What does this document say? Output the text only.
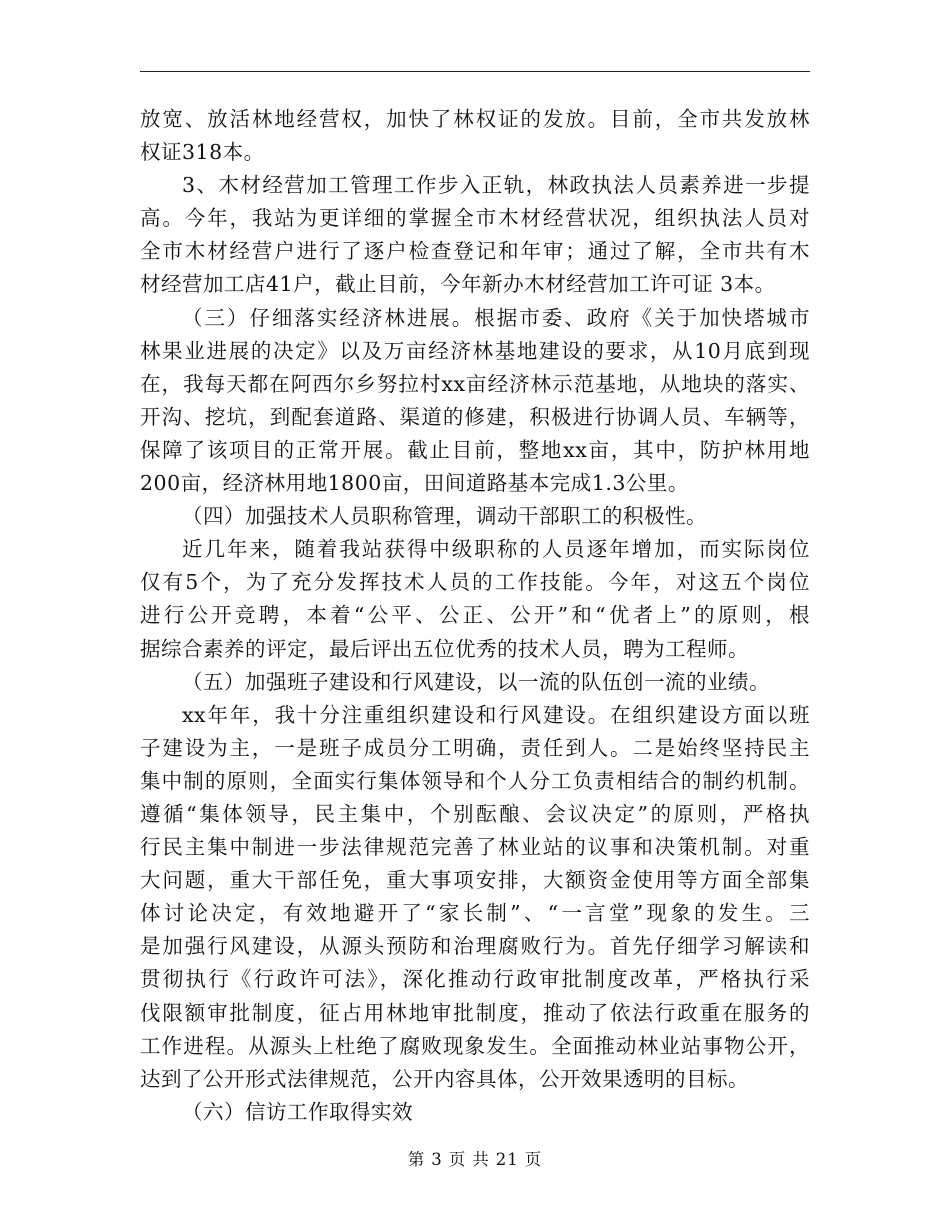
放宽、放活林地经营权，加快了林权证的发放。目前，全市共发放林
权证318本。
3、木材经营加工管理工作步入正轨，林政执法人员素养进一步提
高。今年，我站为更详细的掌握全市木材经营状况，组织执法人员对
全市木材经营户进行了逐户检查登记和年审；通过了解，全市共有木
材经营加工店41户，截止目前，今年新办木材经营加工许可证 3本。
（三）仔细落实经济林进展。根据市委、政府《关于加快塔城市
林果业进展的决定》以及万亩经济林基地建设的要求，从10月底到现
在，我每天都在阿西尔乡努拉村xx亩经济林示范基地，从地块的落实、
开沟、挖坑，到配套道路、渠道的修建，积极进行协调人员、车辆等，
保障了该项目的正常开展。截止目前，整地xx亩，其中，防护林用地
200亩，经济林用地1800亩，田间道路基本完成1.3公里。
（四）加强技术人员职称管理，调动干部职工的积极性。
近几年来，随着我站获得中级职称的人员逐年增加，而实际岗位
仅有5个，为了充分发挥技术人员的工作技能。今年，对这五个岗位
进行公开竞聘，本着“公平、公正、公开”和“优者上”的原则，根
据综合素养的评定，最后评出五位优秀的技术人员，聘为工程师。
（五）加强班子建设和行风建设，以一流的队伍创一流的业绩。
xx年年，我十分注重组织建设和行风建设。在组织建设方面以班
子建设为主，一是班子成员分工明确，责任到人。二是始终坚持民主
集中制的原则，全面实行集体领导和个人分工负责相结合的制约机制。
遵循“集体领导，民主集中，个别酝酿、会议决定”的原则，严格执
行民主集中制进一步法律规范完善了林业站的议事和决策机制。对重
大问题，重大干部任免，重大事项安排，大额资金使用等方面全部集
体讨论决定，有效地避开了“家长制”、“一言堂”现象的发生。三
是加强行风建设，从源头预防和治理腐败行为。首先仔细学习解读和
贯彻执行《行政许可法》，深化推动行政审批制度改革，严格执行采
伐限额审批制度，征占用林地审批制度，推动了依法行政重在服务的
工作进程。从源头上杜绝了腐败现象发生。全面推动林业站事物公开，
达到了公开形式法律规范，公开内容具体，公开效果透明的目标。
（六）信访工作取得实效
第 3 页 共 21 页
